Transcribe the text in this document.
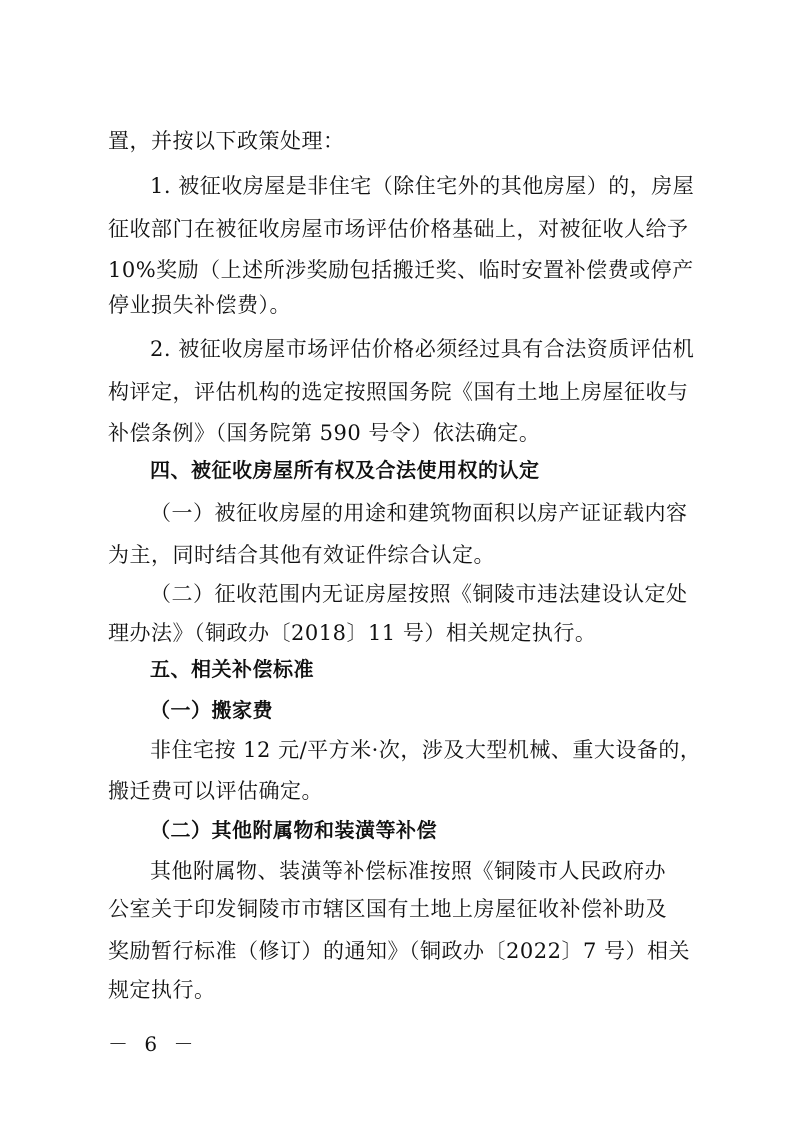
置，并按以下政策处理：
1. 被征收房屋是非住宅（除住宅外的其他房屋）的，房屋
征收部门在被征收房屋市场评估价格基础上，对被征收人给予
10%奖励（上述所涉奖励包括搬迁奖、临时安置补偿费或停产
停业损失补偿费）。
2. 被征收房屋市场评估价格必须经过具有合法资质评估机
构评定，评估机构的选定按照国务院《国有土地上房屋征收与
补偿条例》（国务院第 590 号令）依法确定。
四、被征收房屋所有权及合法使用权的认定
（一）被征收房屋的用途和建筑物面积以房产证证载内容
为主，同时结合其他有效证件综合认定。
（二）征收范围内无证房屋按照《铜陵市违法建设认定处
理办法》（铜政办〔2018〕11 号）相关规定执行。
五、相关补偿标准
（一）搬家费
非住宅按 12 元/平方米·次，涉及大型机械、重大设备的，
搬迁费可以评估确定。
（二）其他附属物和装潢等补偿
其他附属物、装潢等补偿标准按照《铜陵市人民政府办
公室关于印发铜陵市市辖区国有土地上房屋征收补偿补助及
奖励暂行标准（修订）的通知》（铜政办〔2022〕7 号）相关
规定执行。
－ 6 －
